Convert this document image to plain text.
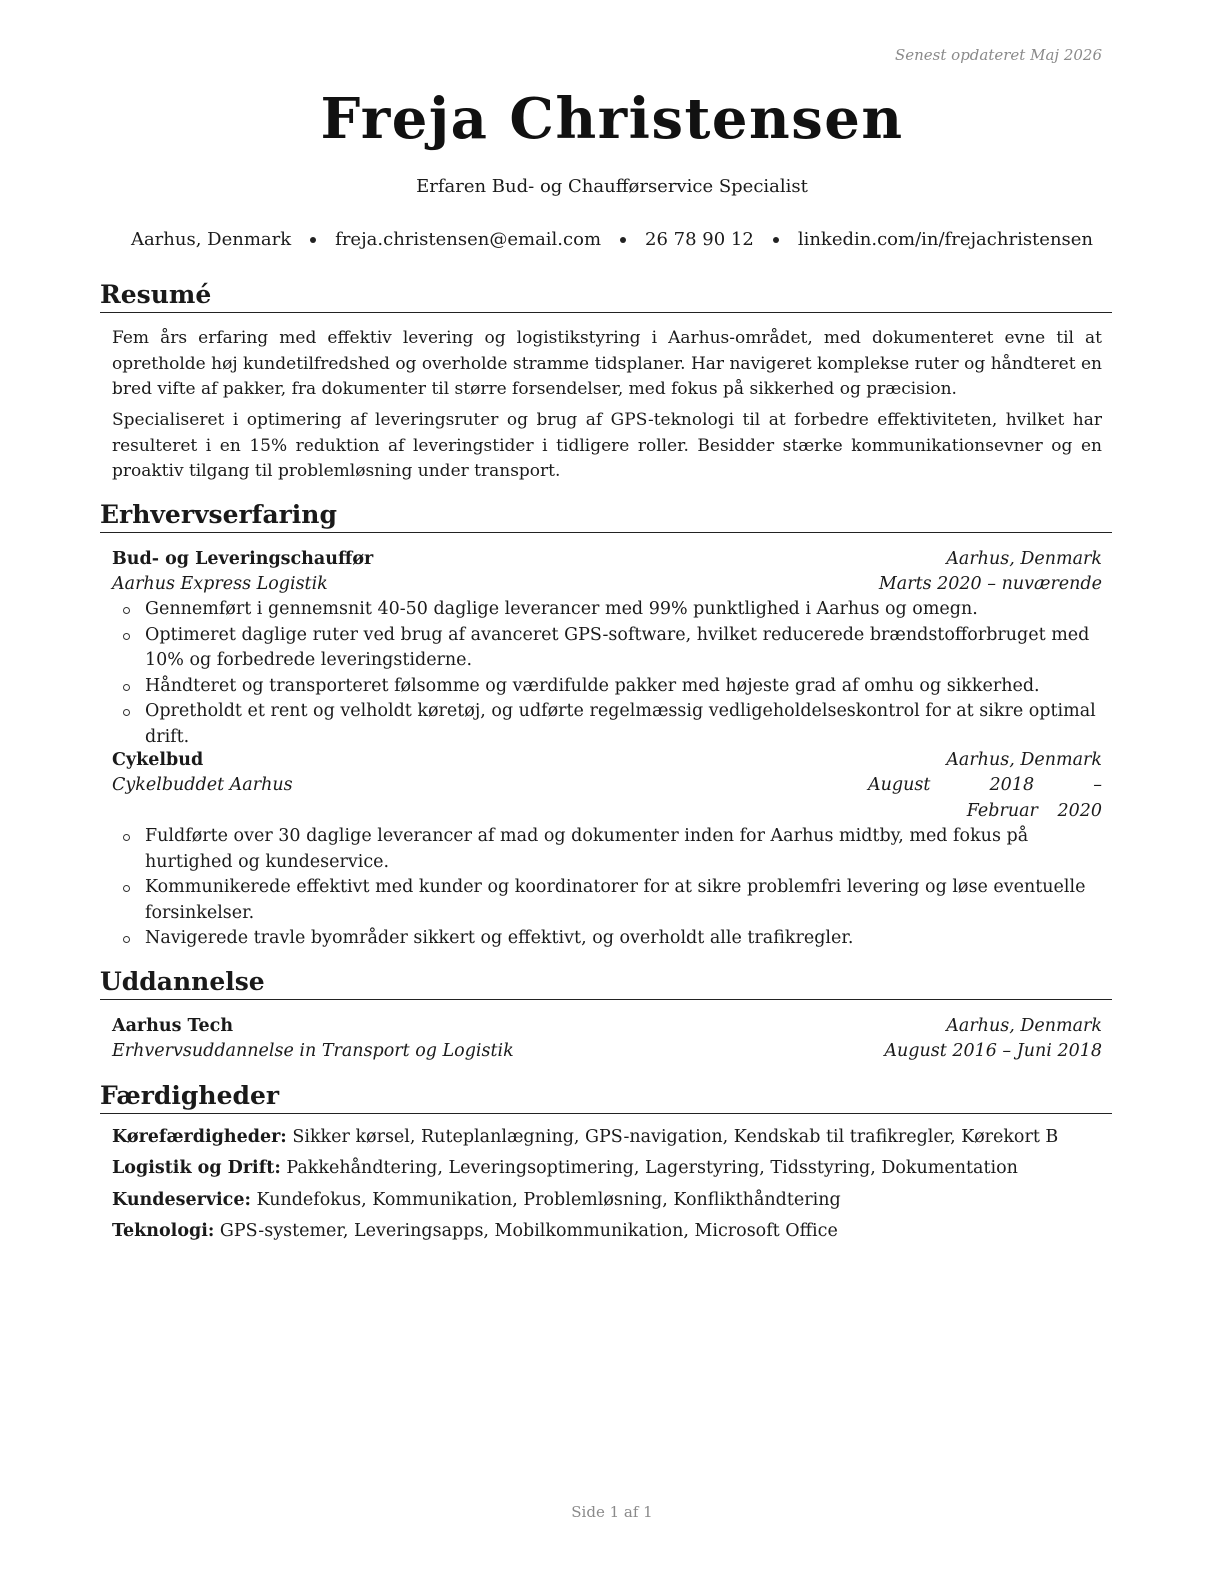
Senest opdateret Maj 2026
Freja Christensen
Erfaren Bud- og Chaufførservice Specialist
Aarhus, Denmark freja.christensen@email.com 26 78 90 12 linkedin.com/in/frejachristensen
Resumé

Fem års erfaring med effektiv levering og logistikstyring i Aarhus-området, med dokumenteret evne til at opretholde høj kundetilfredshed og overholde stramme tidsplaner. Har navigeret komplekse ruter og håndteret en bred vifte af pakker, fra dokumenter til større forsendelser, med fokus på sikkerhed og præcision.

Specialiseret i optimering af leveringsruter og brug af GPS-teknologi til at forbedre effektiviteten, hvilket har resulteret i en 15% reduktion af leveringstider i tidligere roller. Besidder stærke kommunikationsevner og en proaktiv tilgang til problemløsning under transport.

Erhvervserfaring
Bud- og Leveringschauffør	Aarhus, Denmark
Aarhus Express Logistik	Marts 2020 – nuværende
Gennemført i gennemsnit 40-50 daglige leverancer med 99% punktlighed i Aarhus og omegn.
Optimeret daglige ruter ved brug af avanceret GPS-software, hvilket reducerede brændstofforbruget med 10% og forbedrede leveringstiderne.
Håndteret og transporteret følsomme og værdifulde pakker med højeste grad af omhu og sikkerhed.
Opretholdt et rent og velholdt køretøj, og udførte regelmæssig vedligeholdelseskontrol for at sikre optimal drift.
Cykelbud	Aarhus, Denmark
Cykelbuddet Aarhus	August 2018 – Februar 2020
Fuldførte over 30 daglige leverancer af mad og dokumenter inden for Aarhus midtby, med fokus på hurtighed og kundeservice.
Kommunikerede effektivt med kunder og koordinatorer for at sikre problemfri levering og løse eventuelle forsinkelser.
Navigerede travle byområder sikkert og effektivt, og overholdt alle trafikregler.
Uddannelse
Aarhus Tech	Aarhus, Denmark
Erhvervsuddannelse in Transport og Logistik	August 2016 – Juni 2018
Færdigheder
Kørefærdigheder: Sikker kørsel, Ruteplanlægning, GPS-navigation, Kendskab til trafikregler, Kørekort B
Logistik og Drift: Pakkehåndtering, Leveringsoptimering, Lagerstyring, Tidsstyring, Dokumentation
Kundeservice: Kundefokus, Kommunikation, Problemløsning, Konflikthåndtering
Teknologi: GPS-systemer, Leveringsapps, Mobilkommunikation, Microsoft Office
Side 1 af 1
